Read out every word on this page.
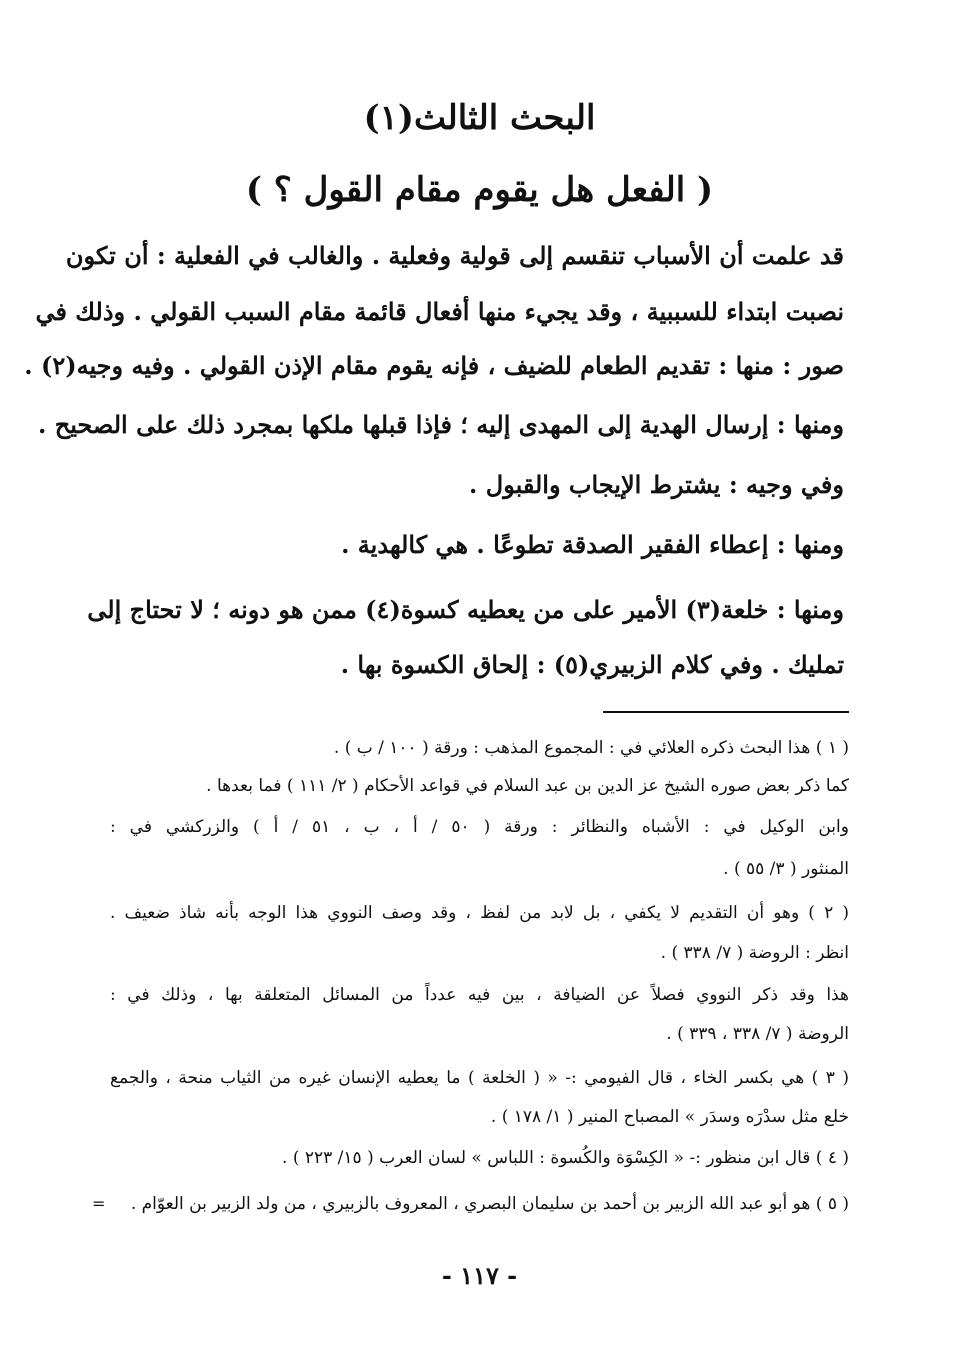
البحث الثالث(١)
( الفعل هل يقوم مقام القول ؟ )
قد علمت أن الأسباب تنقسم إلى قولية وفعلية . والغالب في الفعلية : أن تكون
نصبت ابتداء للسببية ، وقد يجيء منها أفعال قائمة مقام السبب القولي . وذلك في
صور : منها : تقديم الطعام للضيف ، فإنه يقوم مقام الإذن القولي . وفيه وجيه(٢) .
ومنها : إرسال الهدية إلى المهدى إليه ؛ فإذا قبلها ملكها بمجرد ذلك على الصحيح .
وفي وجيه : يشترط الإيجاب والقبول .
ومنها : إعطاء الفقير الصدقة تطوعًا . هي كالهدية .
ومنها : خلعة(٣) الأمير على من يعطيه كسوة(٤) ممن هو دونه ؛ لا تحتاج إلى
تمليك . وفي كلام الزبيري(٥) : إلحاق الكسوة بها .
( ١ ) هذا البحث ذكره العلائي في : المجموع المذهب : ورقة ( ١٠٠ / ب ) .
كما ذكر بعض صوره الشيخ عز الدين بن عبد السلام في قواعد الأحكام ( ٢/ ١١١ ) فما بعدها .
وابن الوكيل في : الأشباه والنظائر : ورقة ( ٥٠ / أ ، ب ، ٥١ / أ ) والزركشي في :
المنثور ( ٣/ ٥٥ ) .
( ٢ ) وهو أن التقديم لا يكفي ، بل لابد من لفظ ، وقد وصف النووي هذا الوجه بأنه شاذ ضعيف .
انظر : الروضة ( ٧/ ٣٣٨ ) .
هذا وقد ذكر النووي فصلاً عن الضيافة ، بين فيه عدداً من المسائل المتعلقة بها ، وذلك في :
الروضة ( ٧/ ٣٣٨ ، ٣٣٩ ) .
( ٣ ) هي بكسر الخاء ، قال الفيومي :- « ( الخلعة ) ما يعطيه الإنسان غيره من الثياب منحة ، والجمع
خلع مثل سدْرَه وسدَر » المصباح المنير ( ١/ ١٧٨ ) .
( ٤ ) قال ابن منظور :- « الكِسْوَة والكُسوة : اللباس » لسان العرب ( ١٥/ ٢٢٣ ) .
( ٥ ) هو أبو عبد الله الزبير بن أحمد بن سليمان البصري ، المعروف بالزبيري ، من ولد الزبير بن العوّام .
=
- ١١٧ -
